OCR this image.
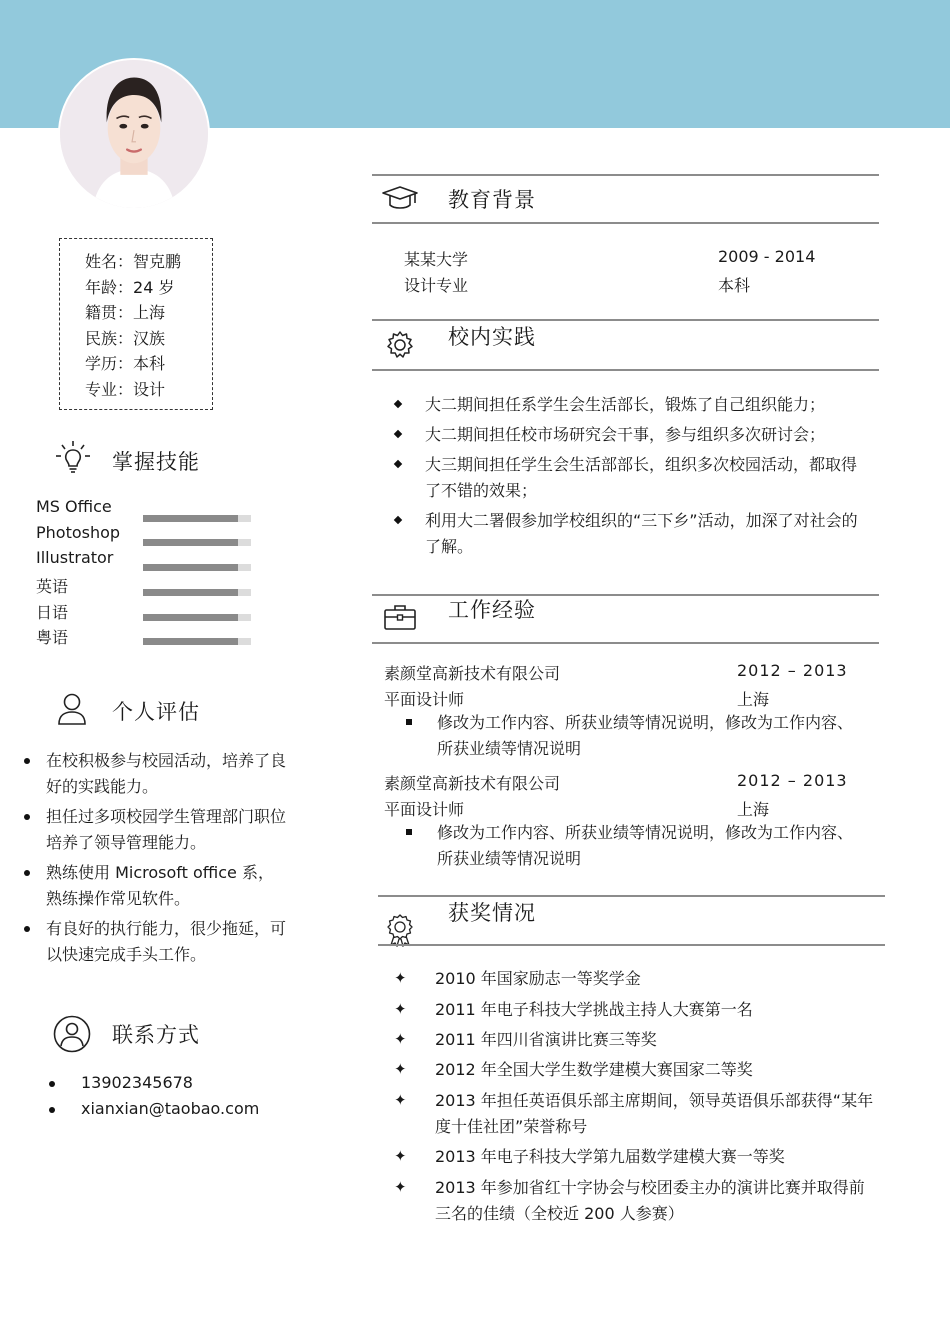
姓名：智克鹏
年龄：24 岁
籍贯：上海
民族：汉族
学历：本科
专业：设计
掌握技能
MS Office
Photoshop
Illustrator
英语
日语
粤语
个人评估
在校积极参与校园活动，培养了良好的实践能力。
担任过多项校园学生管理部门职位培养了领导管理能力。
熟练使用 Microsoft office 系，熟练操作常见软件。
有良好的执行能力，很少拖延，可以快速完成手头工作。
联系方式
13902345678
xianxian@taobao.com
教育背景
某某大学	2009 - 2014
设计专业	本科
校内实践
大二期间担任系学生会生活部长，锻炼了自己组织能力；
大二期间担任校市场研究会干事，参与组织多次研讨会；
大三期间担任学生会生活部部长，组织多次校园活动，都取得了不错的效果；
利用大二署假参加学校组织的“三下乡”活动，加深了对社会的了解。
工作经验
素颜堂高新技术有限公司	2012 – 2013
平面设计师	上海
修改为工作内容、所获业绩等情况说明，修改为工作内容、所获业绩等情况说明
素颜堂高新技术有限公司	2012 – 2013
平面设计师	上海
修改为工作内容、所获业绩等情况说明，修改为工作内容、所获业绩等情况说明
获奖情况
✦ 2010 年国家励志一等奖学金
✦ 2011 年电子科技大学挑战主持人大赛第一名
✦ 2011 年四川省演讲比赛三等奖
✦ 2012 年全国大学生数学建模大赛国家二等奖
✦ 2013 年担任英语俱乐部主席期间，领导英语俱乐部获得“某年度十佳社团”荣誉称号
✦ 2013 年电子科技大学第九届数学建模大赛一等奖
✦ 2013 年参加省红十字协会与校团委主办的演讲比赛并取得前三名的佳绩（全校近 200 人参赛）
